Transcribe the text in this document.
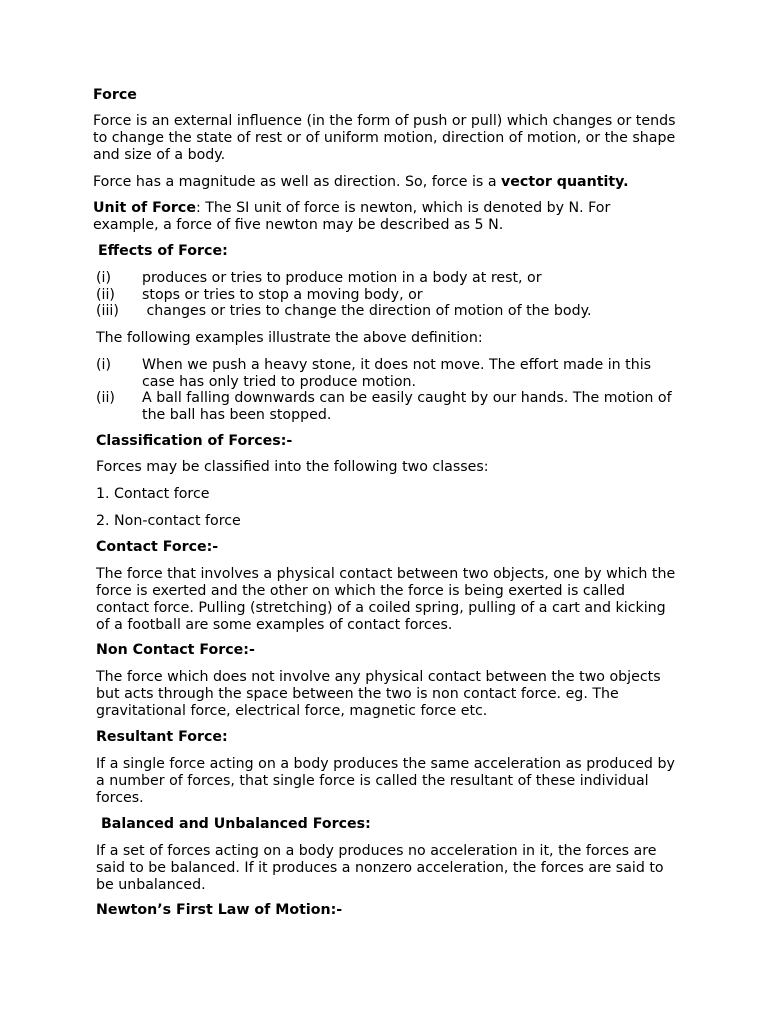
Force
Force is an external influence (in the form of push or pull) which changes or tends to change the state of rest or of uniform motion, direction of motion, or the shape and size of a body.
Force has a magnitude as well as direction. So, force is a vector quantity.
Unit of Force: The SI unit of force is newton, which is denoted by N. For example, a force of five newton may be described as 5 N.
Effects of Force:
(i) produces or tries to produce motion in a body at rest, or
(ii) stops or tries to stop a moving body, or
(iii) changes or tries to change the direction of motion of the body.
The following examples illustrate the above definition:
(i) When we push a heavy stone, it does not move. The effort made in this case has only tried to produce motion.
(ii) A ball falling downwards can be easily caught by our hands. The motion of the ball has been stopped.
Classification of Forces:-
Forces may be classified into the following two classes:
1. Contact force
2. Non-contact force
Contact Force:-
The force that involves a physical contact between two objects, one by which the force is exerted and the other on which the force is being exerted is called contact force. Pulling (stretching) of a coiled spring, pulling of a cart and kicking of a football are some examples of contact forces.
Non Contact Force:-
The force which does not involve any physical contact between the two objects but acts through the space between the two is non contact force. eg. The gravitational force, electrical force, magnetic force etc.
Resultant Force:
If a single force acting on a body produces the same acceleration as produced by a number of forces, that single force is called the resultant of these individual forces.
Balanced and Unbalanced Forces:
If a set of forces acting on a body produces no acceleration in it, the forces are said to be balanced. If it produces a nonzero acceleration, the forces are said to be unbalanced.
Newton’s First Law of Motion:-
